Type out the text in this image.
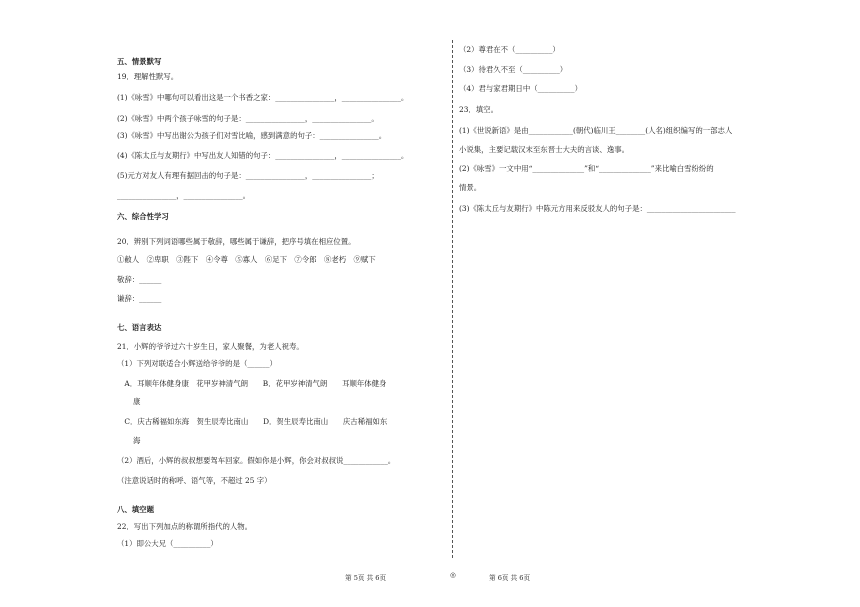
五、情景默写
19．理解性默写。
(1)《咏雪》中哪句可以看出这是一个书香之家：________________，________________。
(2)《咏雪》中两个孩子咏雪的句子是：________________，________________。
(3)《咏雪》中写出谢公为孩子们对雪比喻，感到满意的句子：________________。
(4)《陈太丘与友期行》中写出友人知错的句子：________________，________________。
(5)元方对友人有理有据回击的句子是：________________，________________；
________________，________________。
六、综合性学习
20．辨别下列词语哪些属于敬辞，哪些属于谦辞，把序号填在相应位置。
①敝人　②卑职　③陛下　④令尊　⑤寡人　⑥足下　⑦令郎　⑧老朽　⑨赋下
敬辞：______
谦辞：______
七、语言表达
21．小辉的爷爷过六十岁生日，家人聚餐，为老人祝寿。
（1）下列对联适合小辉送给爷爷的是（______）
　A．耳顺年体健身康　花甲岁神清气朗　　B．花甲岁神清气朗　　耳顺年体健身
康
　C．庆古稀福如东海　贺生辰寿比南山　　D．贺生辰寿比南山　　庆古稀福如东
海
（2）酒后，小辉的叔叔想要驾车回家。假如你是小辉，你会对叔叔说____________。
（注意说话时的称呼、语气等，不超过 25 字）
八、填空题
22．写出下列加点的称谓所指代的人物。
（1）即公大兄（__________）
（2）尊君在不（__________）
（3）待君久不至（__________）
（4）君与家君期日中（__________）
23．填空。
(1)《世说新语》是由____________(朝代)临川王________(人名)组织编写的一部志人
小说集，主要记载汉末至东晋士大夫的言谈、逸事。
(2)《咏雪》一文中用“______________”和“______________”来比喻白雪纷纷的
情景。
(3)《陈太丘与友期行》中陈元方用来反驳友人的句子是：________________________
第 5页 共 6页	◎	第 6页 共 6页
